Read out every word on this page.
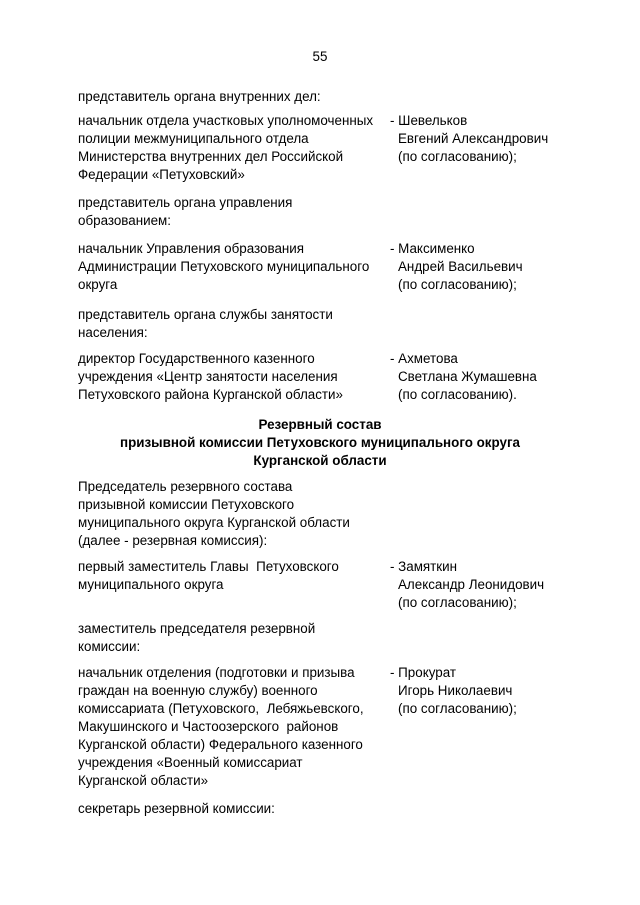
55
представитель органа внутренних дел:
начальник отдела участковых уполномоченных
полиции межмуниципального отдела
Министерства внутренних дел Российской
Федерации «Петуховский»
- Шевельков
Евгений Александрович
(по согласованию);
представитель органа управления
образованием:
начальник Управления образования
Администрации Петуховского муниципального
округа
- Максименко
Андрей Васильевич
(по согласованию);
представитель органа службы занятости
населения:
директор Государственного казенного
учреждения «Центр занятости населения
Петуховского района Курганской области»
- Ахметова
Светлана Жумашевна
(по согласованию).
Резервный состав
призывной комиссии Петуховского муниципального округа
Курганской области
Председатель резервного состава
призывной комиссии Петуховского
муниципального округа Курганской области
(далее - резервная комиссия):
первый заместитель Главы  Петуховского
муниципального округа
- Замяткин
Александр Леонидович
(по согласованию);
заместитель председателя резервной
комиссии:
начальник отделения (подготовки и призыва
граждан на военную службу) военного
комиссариата (Петуховского,  Лебяжьевского,
Макушинского и Частоозерского  районов
Курганской области) Федерального казенного
учреждения «Военный комиссариат
Курганской области»
- Прокурат
Игорь Николаевич
(по согласованию);
секретарь резервной комиссии:
